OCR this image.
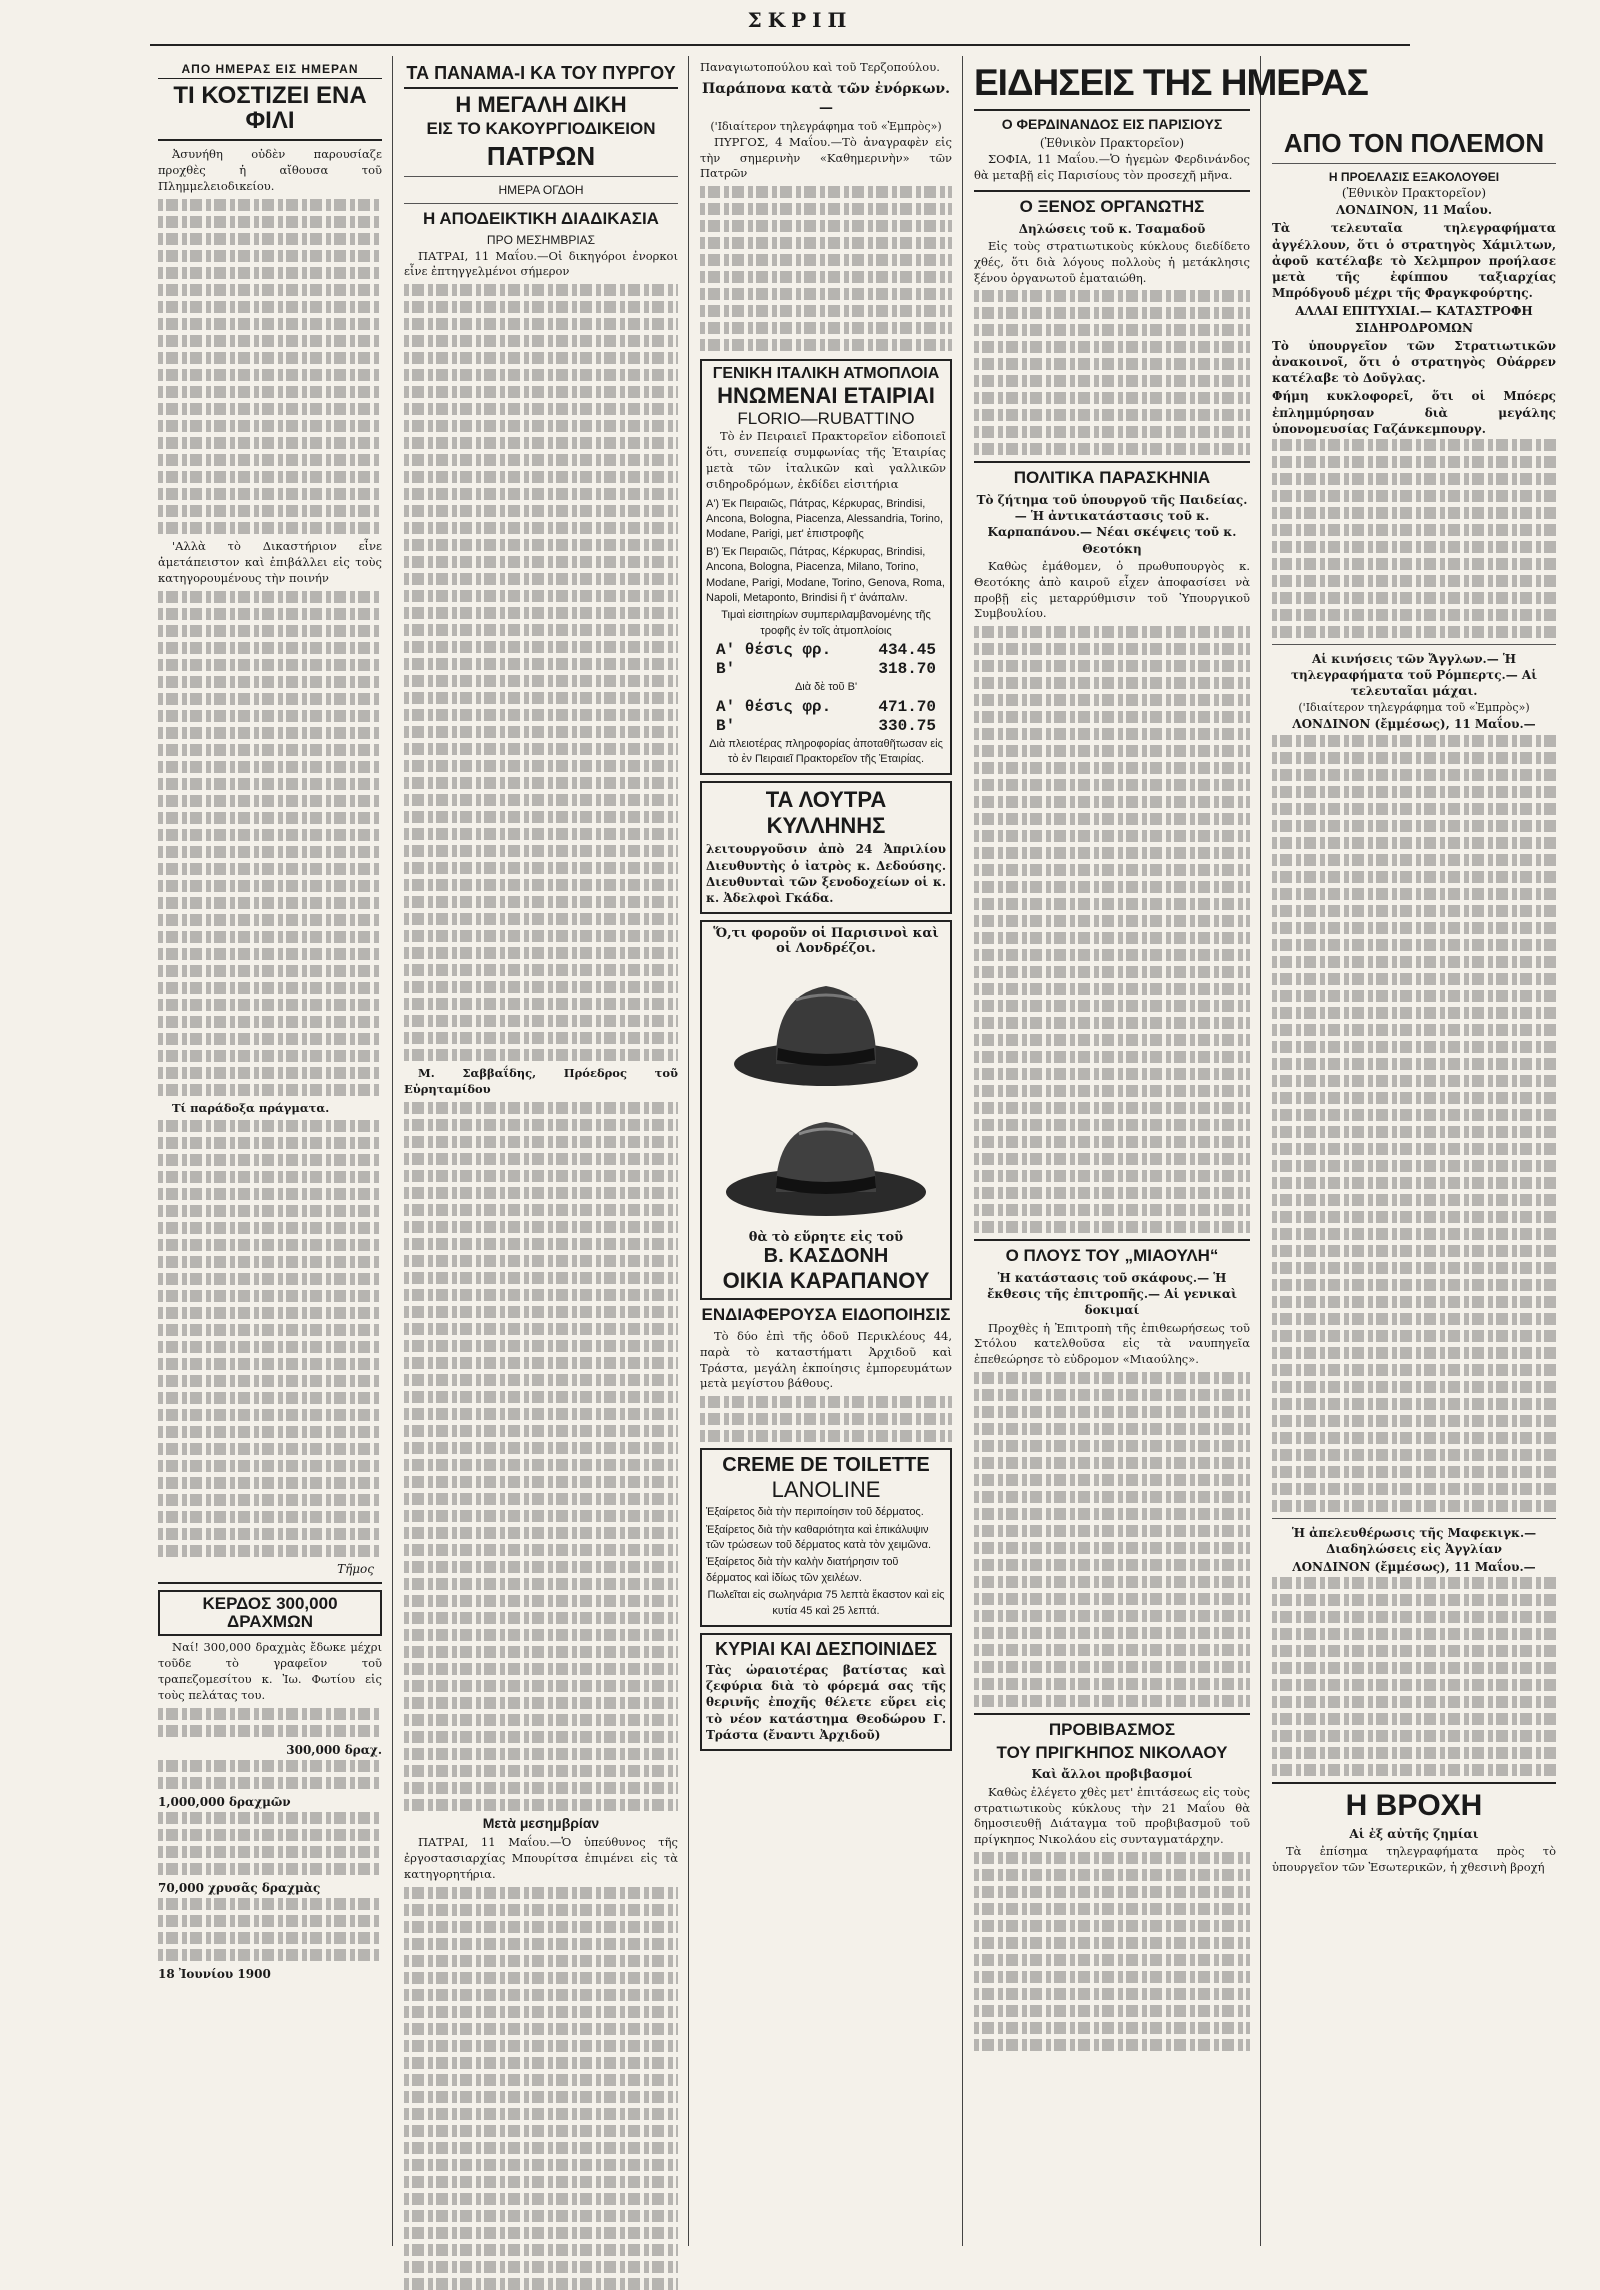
ΣΚΡΙΠ
ΑΠΟ ΗΜΕΡΑΣ ΕΙΣ ΗΜΕΡΑΝ
ΤΙ ΚΟΣΤΙΖΕΙ ΕΝΑ ΦΙΛΙ

Ἀσυνήθη οὐδὲν παρουσίαζε προχθὲς ἡ αἴθουσα τοῦ Πλημμελειοδικείου.

'Αλλὰ τὸ Δικαστήριον εἶνε ἀμετάπειστον καὶ ἐπιβάλλει εἰς τοὺς κατηγορουμένους τὴν ποινήν

Τί παράδοξα πράγματα.

Τῆμος
ΚΕΡΔΟΣ 300,000 ΔΡΑΧΜΩΝ

Ναί! 300,000 δραχμὰς ἔδωκε μέχρι τοῦδε τὸ γραφεῖον τοῦ τραπεζομεσίτου κ. Ἰω. Φωτίου εἰς τοὺς πελάτας του.

300,000 δραχ.
1,000,000 δραχμῶν
70,000 χρυσᾶς δραχμὰς
18 Ἰουνίου 1900
ΤΑ ΠΑΝΑΜΑ-Ι ΚΑ ΤΟΥ ΠΥΡΓΟΥ
Η ΜΕΓΑΛΗ ΔΙΚΗ
ΕΙΣ ΤΟ ΚΑΚΟΥΡΓΙΟΔΙΚΕΙΟΝ
ΠΑΤΡΩΝ
ΗΜΕΡΑ ΟΓΔΟΗ
Η ΑΠΟΔΕΙΚΤΙΚΗ ΔΙΑΔΙΚΑΣΙΑ
ΠΡΟ ΜΕΣΗΜΒΡΙΑΣ

ΠΑΤΡΑΙ, 11 Μαΐου.—Οἱ δικηγόροι ἐνορκοι εἶνε ἐπτηγγελμένοι σήμερον

Μ. Σαββαΐδης, Πρόεδρος τοῦ Εὐρηταμίδου

Μετὰ μεσημβρίαν

ΠΑΤΡΑΙ, 11 Μαΐου.—Ὁ ὑπεύθυνος τῆς ἐργοστασιαρχίας Μπουρίτσα ἐπιμένει εἰς τὰ κατηγορητήρια.

Παναγιωτοπούλου καὶ τοῦ Τερζοπούλου.

Παράπονα κατὰ τῶν ἐνόρκων.—
('Ιδιαίτερον τηλεγράφημα τοῦ «Ἐμπρὸς»)

ΠΥΡΓΟΣ, 4 Μαΐου.—Τὸ ἀναγραφὲν εἰς τὴν σημερινὴν «Καθημερινὴν» τῶν Πατρῶν

ΓΕΝΙΚΗ ΙΤΑΛΙΚΗ ΑΤΜΟΠΛΟΙΑ
ΗΝΩΜΕΝΑΙ ΕΤΑΙΡΙΑΙ
FLORIO—RUBATTINO

Τὸ ἐν Πειραιεῖ Πρακτορεῖον εἰδοποιεῖ ὅτι, συνεπείᾳ συμφωνίας τῆς Ἑταιρίας μετὰ τῶν ἰταλικῶν καὶ γαλλικῶν σιδηροδρόμων, ἐκδίδει εἰσιτήρια

Α') Ἐκ Πειραιῶς, Πάτρας, Κέρκυρας, Brindisi, Ancona, Bologna, Piacenza, Alessandria, Torino, Modane, Parigi, μετ' ἐπιστροφῆς

Β') Ἐκ Πειραιῶς, Πάτρας, Κέρκυρας, Brindisi, Ancona, Bologna, Piacenza, Milano, Torino, Modane, Parigi, Modane, Torino, Genova, Roma, Napoli, Metaponto, Brindisi ἢ τ' ἀνάπαλιν.

Τιμαὶ εἰσιτηρίων συμπεριλαμβανομένης τῆς τροφῆς ἐν τοῖς ἀτμοπλοίοις

Α' θέσις φρ.	434.45
Β'	318.70
Διὰ δὲ τοῦ Β'
Α' θέσις φρ.	471.70
Β'	330.75

Διὰ πλειοτέρας πληροφορίας ἀποταθῆτωσαν εἰς τὸ ἐν Πειραιεῖ Πρακτορεῖον τῆς Ἑταιρίας.

ΤΑ ΛΟΥΤΡΑ ΚΥΛΛΗΝΗΣ

λειτουργοῦσιν ἀπὸ 24 Ἀπριλίου Διευθυντὴς ὁ ἰατρὸς κ. Δεδούσης. Διευθυνταὶ τῶν ξενοδοχείων οἱ κ. κ. Ἀδελφοὶ Γκάδα.

Ὅ,τι φοροῦν οἱ Παρισινοὶ καὶ οἱ Λονδρέζοι.
θὰ τὸ εὕρητε εἰς τοῦ
Β. ΚΑΣΔΟΝΗ
ΟΙΚΙΑ ΚΑΡΑΠΑΝΟΥ
ΕΝΔΙΑΦΕΡΟΥΣΑ ΕΙΔΟΠΟΙΗΣΙΣ

Τὸ δύο ἐπὶ τῆς ὁδοῦ Περικλέους 44, παρὰ τὸ καταστήματι Ἀρχιδοῦ καὶ Τράστα, μεγάλη ἐκποίησις ἐμπορευμάτων μετὰ μεγίστου βάθους.

CREME DE TOILETTE
LANOLINE

Ἐξαίρετος διὰ τὴν περιποίησιν τοῦ δέρματος.

Ἐξαίρετος διὰ τὴν καθαριότητα καὶ ἐπικάλυψιν τῶν τρώσεων τοῦ δέρματος κατὰ τὸν χειμῶνα.

Ἐξαίρετος διὰ τὴν καλὴν διατήρησιν τοῦ δέρματος καὶ ἰδίως τῶν χειλέων.

Πωλεῖται εἰς σωληνάρια 75 λεπτὰ ἕκαστον καὶ εἰς κυτία 45 καὶ 25 λεπτά.

ΚΥΡΙΑΙ ΚΑΙ ΔΕΣΠΟΙΝΙΔΕΣ

Τὰς ὡραιοτέρας βατίστας καὶ ζεφύρια διὰ τὸ φόρεμά σας τῆς θερινῆς ἐποχῆς θέλετε εὕρει εἰς τὸ νέον κατάστημα Θεοδώρου Γ. Τράστα (ἔναντι Ἀρχιδοῦ)

ΕΙΔΗΣΕΙΣ ΤΗΣ ΗΜΕΡΑΣ
Ο ΦΕΡΔΙΝΑΝΔΟΣ ΕΙΣ ΠΑΡΙΣΙΟΥΣ
(Ἐθνικὸν Πρακτορεῖον)

ΣΟΦΙΑ, 11 Μαΐου.—Ὁ ἡγεμὼν Φερδινάνδος θὰ μεταβῇ εἰς Παρισίους τὸν προσεχῆ μῆνα.

Ο ΞΕΝΟΣ ΟΡΓΑΝΩΤΗΣ
Δηλώσεις τοῦ κ. Τσαμαδοῦ

Εἰς τοὺς στρατιωτικοὺς κύκλους διεδίδετο χθές, ὅτι διὰ λόγους πολλοὺς ἡ μετάκλησις ξένου ὀργανωτοῦ ἐματαιώθη.

ΠΟΛΙΤΙΚΑ ΠΑΡΑΣΚΗΝΙΑ
Τὸ ζήτημα τοῦ ὑπουργοῦ τῆς Παιδείας.— Ἡ ἀντικατάστασις τοῦ κ. Καρπαπάνου.— Νέαι σκέψεις τοῦ κ. Θεοτόκη

Καθὼς ἐμάθομεν, ὁ πρωθυπουργὸς κ. Θεοτόκης ἀπὸ καιροῦ εἶχεν ἀποφασίσει νὰ προβῇ εἰς μεταρρύθμισιν τοῦ Ὑπουργικοῦ Συμβουλίου.

Ο ΠΛΟΥΣ ΤΟΥ „ΜΙΑΟΥΛΗ“
Ἡ κατάστασις τοῦ σκάφους.— Ἡ ἔκθεσις τῆς ἐπιτροπῆς.— Αἱ γενικαὶ δοκιμαί

Προχθὲς ἡ Ἐπιτροπὴ τῆς ἐπιθεωρήσεως τοῦ Στόλου κατελθοῦσα εἰς τὰ ναυπηγεῖα ἐπεθεώρησε τὸ εὐδρομον «Μιαούλης».

ΠΡΟΒΙΒΑΣΜΟΣ
ΤΟΥ ΠΡΙΓΚΗΠΟΣ ΝΙΚΟΛΑΟΥ
Καὶ ἄλλοι προβιβασμοί

Καθὼς ἐλέγετο χθὲς μετ' ἐπιτάσεως εἰς τοὺς στρατιωτικοὺς κύκλους τὴν 21 Μαΐου θὰ δημοσιευθῇ Διάταγμα τοῦ προβιβασμοῦ τοῦ πρίγκηπος Νικολάου εἰς συνταγματάρχην.

ΑΠΟ ΤΟΝ ΠΟΛΕΜΟΝ
Η ΠΡΟΕΛΑΣΙΣ ΕΞΑΚΟΛΟΥΘΕΙ
(Ἐθνικὸν Πρακτορεῖον)
ΛΟΝΔΙΝΟΝ, 11 Μαΐου.

Τὰ τελευταῖα τηλεγραφήματα ἀγγέλλουν, ὅτι ὁ στρατηγὸς Χάμιλτων, ἀφοῦ κατέλαβε τὸ Χελμπρον προήλασε μετὰ τῆς ἐφίππου ταξιαρχίας Μπρόδγουδ μέχρι τῆς Φραγκφούρτης.

ΑΛΛΑΙ ΕΠΙΤΥΧΙΑΙ.— ΚΑΤΑΣΤΡΟΦΗ ΣΙΔΗΡΟΔΡΟΜΩΝ

Τὸ ὑπουργεῖον τῶν Στρατιωτικῶν ἀνακοινοῖ, ὅτι ὁ στρατηγὸς Οὐάρρεν κατέλαβε τὸ Δοῦγλας.

Φήμη κυκλοφορεῖ, ὅτι οἱ Μπόερς ἐπλημμύρησαν διὰ μεγάλης ὑπονομευσίας Γαζάνκεμπουργ.

Αἱ κινήσεις τῶν Ἄγγλων.— Ἡ τηλεγραφήματα τοῦ Ρόμπερτς.— Αἱ τελευταῖαι μάχαι.
('Ιδιαίτερον τηλεγράφημα τοῦ «Ἐμπρὸς»)
ΛΟΝΔΙΝΟΝ (ἔμμέσως), 11 Μαΐου.—
Ἡ ἀπελευθέρωσις τῆς Μαφεκιγκ.— Διαδηλώσεις εἰς Ἀγγλίαν
ΛΟΝΔΙΝΟΝ (ἔμμέσως), 11 Μαΐου.—
Η ΒΡΟΧΗ
Αἱ ἐξ αὐτῆς ζημίαι

Τὰ ἐπίσημα τηλεγραφήματα πρὸς τὸ ὑπουργεῖον τῶν Ἐσωτερικῶν, ἡ χθεσινὴ βροχή
